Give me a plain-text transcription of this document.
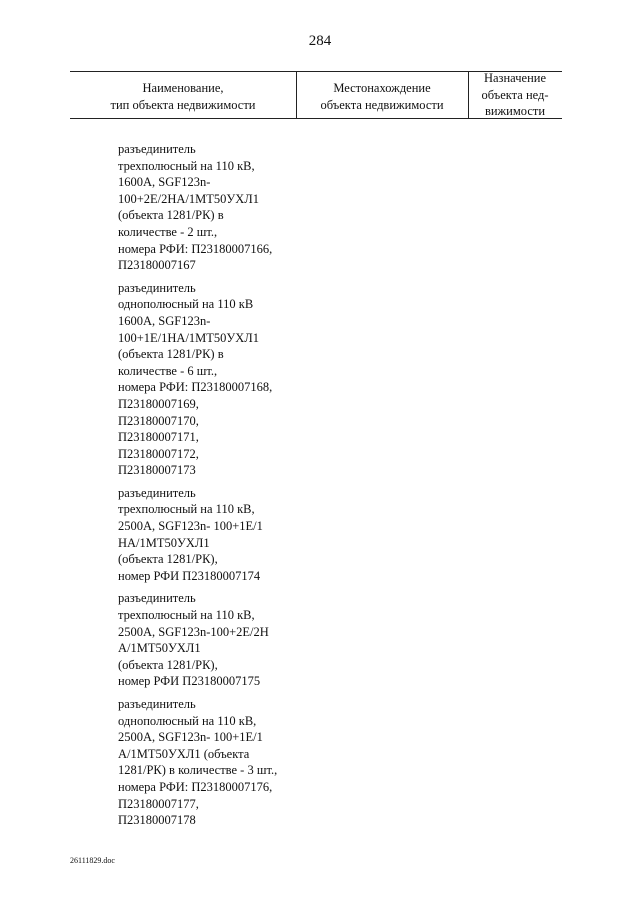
284
Наименование,
тип объекта недвижимости
Местонахождение
объекта недвижимости
Назначение
объекта нед-
вижимости
разъединитель
трехполюсный на 110 кВ,
1600А, SGF123n-
100+2Е/2НА/1МТ50УХЛ1
(объекта 1281/РК) в
количестве - 2 шт.,
номера РФИ: П23180007166,
П23180007167
разъединитель
однополюсный на 110 кВ
1600А, SGF123n-
100+1Е/1НА/1МТ50УХЛ1
(объекта 1281/РК) в
количестве - 6 шт.,
номера РФИ: П23180007168,
П23180007169,
П23180007170,
П23180007171,
П23180007172,
П23180007173
разъединитель
трехполюсный на 110 кВ,
2500А, SGF123n- 100+1Е/1
НА/1МТ50УХЛ1
(объекта 1281/РК),
номер РФИ П23180007174
разъединитель
трехполюсный на 110 кВ,
2500А, SGF123n-100+2Е/2Н
А/1МТ50УХЛ1
(объекта 1281/РК),
номер РФИ П23180007175
разъединитель
однополюсный на 110 кВ,
2500А, SGF123n- 100+1Е/1
А/1МТ50УХЛ1 (объекта
1281/РК) в количестве - 3 шт.,
номера РФИ: П23180007176,
П23180007177,
П23180007178
26111829.doc
